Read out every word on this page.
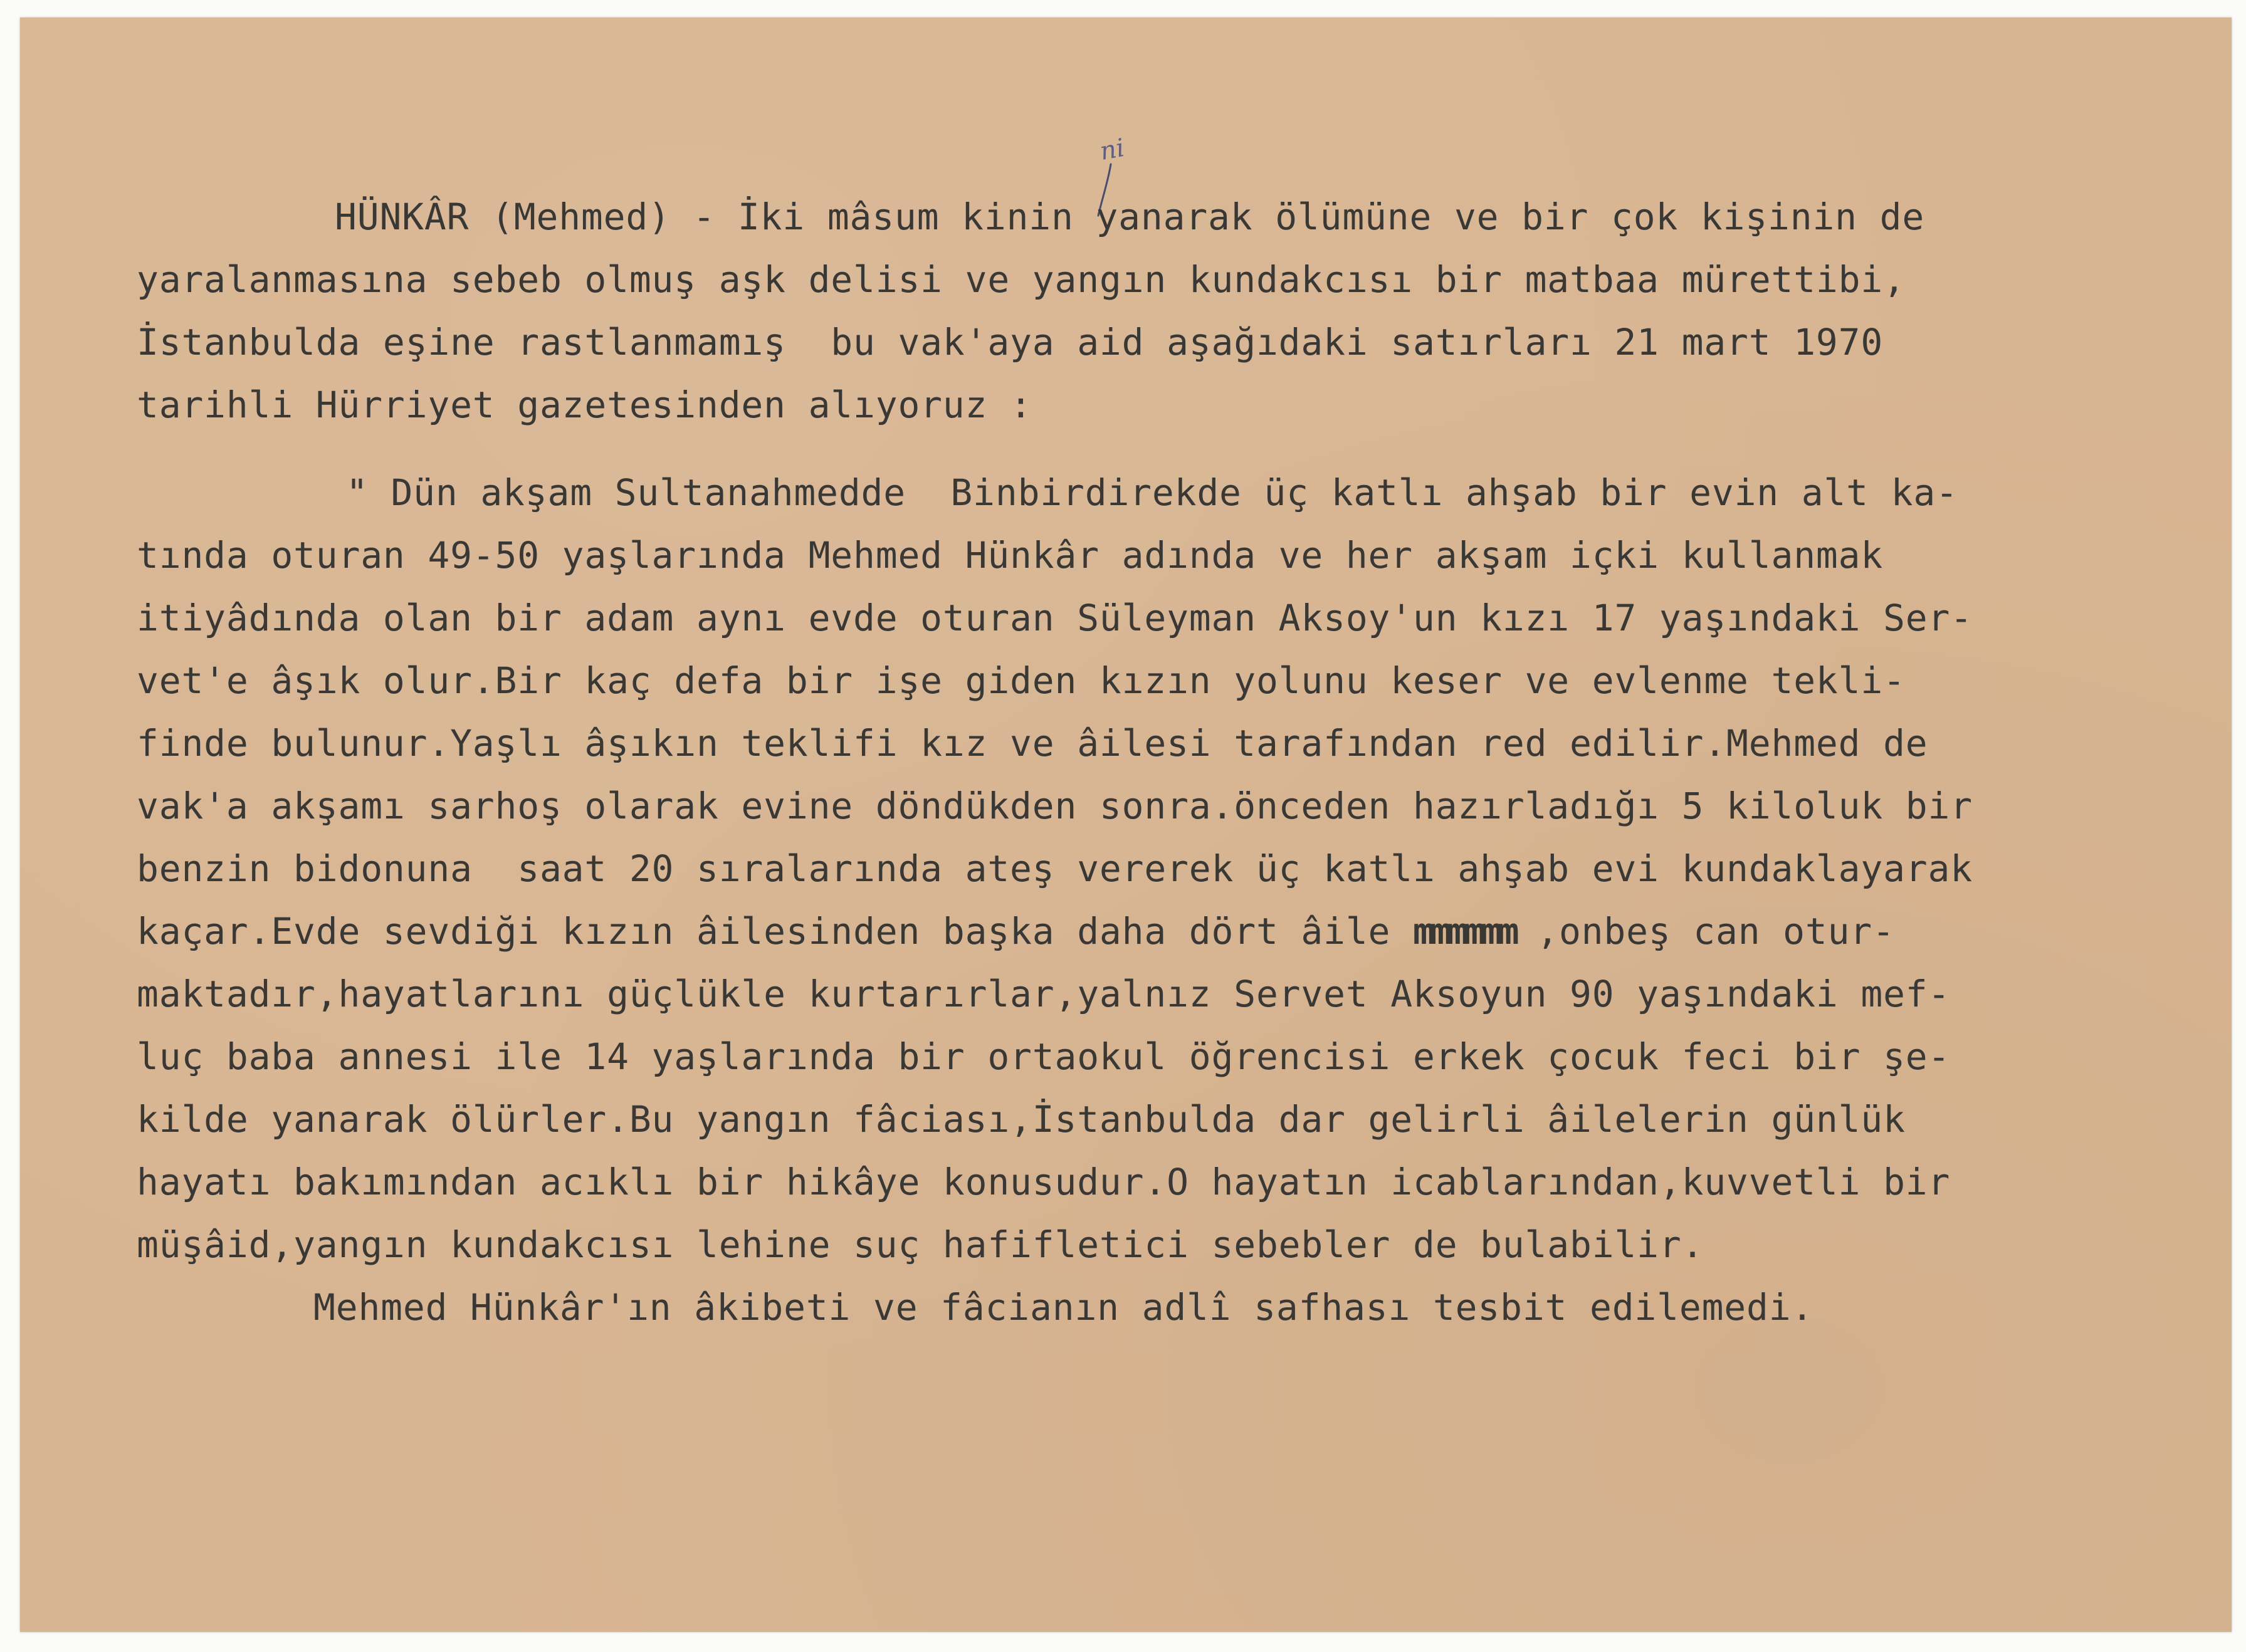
ni

HÜNKÂR (Mehmed) - İki mâsum kinin yanarak ölümüne ve bir çok kişinin de

yaralanmasına sebeb olmuş aşk delisi ve yangın kundakcısı bir matbaa mürettibi,

İstanbulda eşine rastlanmamış  bu vak'aya aid aşağıdaki satırları 21 mart 1970

tarihli Hürriyet gazetesinden alıyoruz :

" Dün akşam Sultanahmedde  Binbirdirekde üç katlı ahşab bir evin alt ka-

tında oturan 49-50 yaşlarında Mehmed Hünkâr adında ve her akşam içki kullanmak

itiyâdında olan bir adam aynı evde oturan Süleyman Aksoy'un kızı 17 yaşındaki Ser-

vet'e âşık olur.Bir kaç defa bir işe giden kızın yolunu keser ve evlenme tekli-

finde bulunur.Yaşlı âşıkın teklifi kız ve âilesi tarafından red edilir.Mehmed de

vak'a akşamı sarhoş olarak evine döndükden sonra.önceden hazırladığı 5 kiloluk bir

benzin bidonuna  saat 20 sıralarında ateş vererek üç katlı ahşab evi kundaklayarak

kaçar.Evde sevdiği kızın âilesinden başka daha dört âile mmmmmm ,onbeş can otur-

maktadır,hayatlarını güçlükle kurtarırlar,yalnız Servet Aksoyun 90 yaşındaki mef-

luç baba annesi ile 14 yaşlarında bir ortaokul öğrencisi erkek çocuk feci bir şe-

kilde yanarak ölürler.Bu yangın fâciası,İstanbulda dar gelirli âilelerin günlük

hayatı bakımından acıklı bir hikâye konusudur.O hayatın icablarından,kuvvetli bir

müşâid,yangın kundakcısı lehine suç hafifletici sebebler de bulabilir.

Mehmed Hünkâr'ın âkibeti ve fâcianın adlî safhası tesbit edilemedi.
